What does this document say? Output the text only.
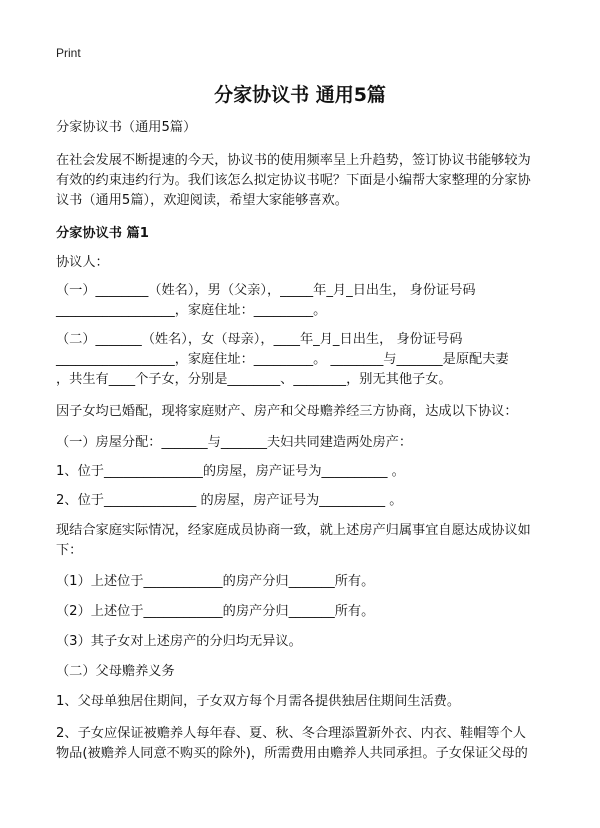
Print
分家协议书 通用5篇
分家协议书（通用5篇）
在社会发展不断提速的今天，协议书的使用频率呈上升趋势，签订协议书能够较为
有效的约束违约行为。我们该怎么拟定协议书呢？下面是小编帮大家整理的分家协
议书（通用5篇），欢迎阅读，希望大家能够喜欢。
分家协议书 篇1
协议人：
（一）________（姓名），男（父亲），_____年_月_日出生， 身份证号码
__________________，家庭住址：_________。
（二）_______（姓名），女（母亲），____年_月_日出生， 身份证号码
__________________，家庭住址：_________。 ________与_______是原配夫妻
，共生有____个子女，分别是________、________，别无其他子女。
因子女均已婚配，现将家庭财产、房产和父母赡养经三方协商，达成以下协议：
（一）房屋分配：_______与_______夫妇共同建造两处房产：
1、位于_______________的房屋，房产证号为__________ 。
2、位于______________ 的房屋，房产证号为__________ 。
现结合家庭实际情况，经家庭成员协商一致，就上述房产归属事宜自愿达成协议如
下：
（1）上述位于____________的房产分归_______所有。
（2）上述位于____________的房产分归_______所有。
（3）其子女对上述房产的分归均无异议。
（二）父母赡养义务
1、父母单独居住期间，子女双方每个月需各提供独居住期间生活费。
2、子女应保证被赡养人每年春、夏、秋、冬合理添置新外衣、内衣、鞋帽等个人
物品(被赡养人同意不购买的除外)，所需费用由赡养人共同承担。子女保证父母的
